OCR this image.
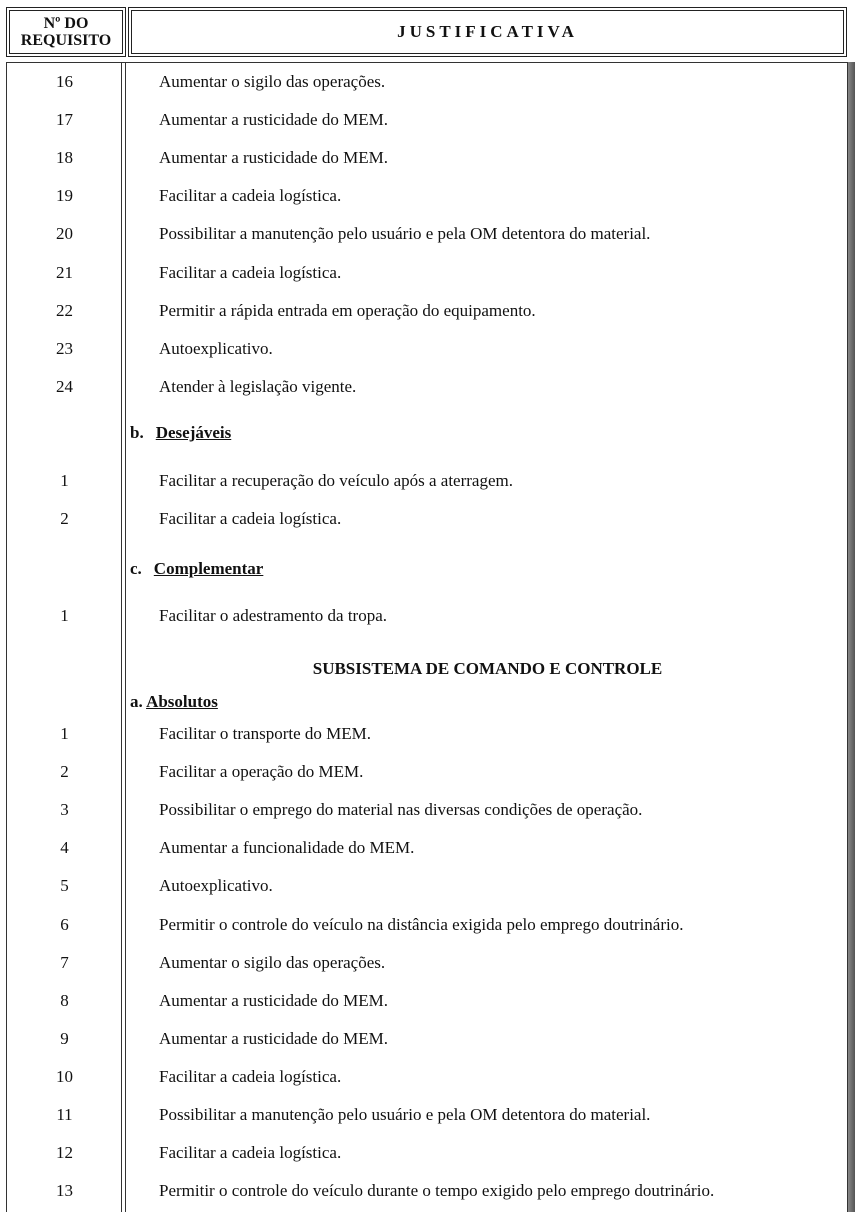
Nº DO
REQUISITO	JUSTIFICATIVA
16	Aumentar o sigilo das operações.
17	Aumentar a rusticidade do MEM.
18	Aumentar a rusticidade do MEM.
19	Facilitar a cadeia logística.
20	Possibilitar a manutenção pelo usuário e pela OM detentora do material.
21	Facilitar a cadeia logística.
22	Permitir a rápida entrada em operação do equipamento.
23	Autoexplicativo.
24	Atender à legislação vigente.
1	Facilitar a recuperação do veículo após a aterragem.
2	Facilitar a cadeia logística.
1	Facilitar o adestramento da tropa.
1	Facilitar o transporte do MEM.
2	Facilitar a operação do MEM.
3	Possibilitar o emprego do material nas diversas condições de operação.
4	Aumentar a funcionalidade do MEM.
5	Autoexplicativo.
6	Permitir o controle do veículo na distância exigida pelo emprego doutrinário.
7	Aumentar o sigilo das operações.
8	Aumentar a rusticidade do MEM.
9	Aumentar a rusticidade do MEM.
10	Facilitar a cadeia logística.
11	Possibilitar a manutenção pelo usuário e pela OM detentora do material.
12	Facilitar a cadeia logística.
13	Permitir o controle do veículo durante o tempo exigido pelo emprego doutrinário.
b. Desejáveis
c. Complementar
SUBSISTEMA DE COMANDO E CONTROLE
a. Absolutos
